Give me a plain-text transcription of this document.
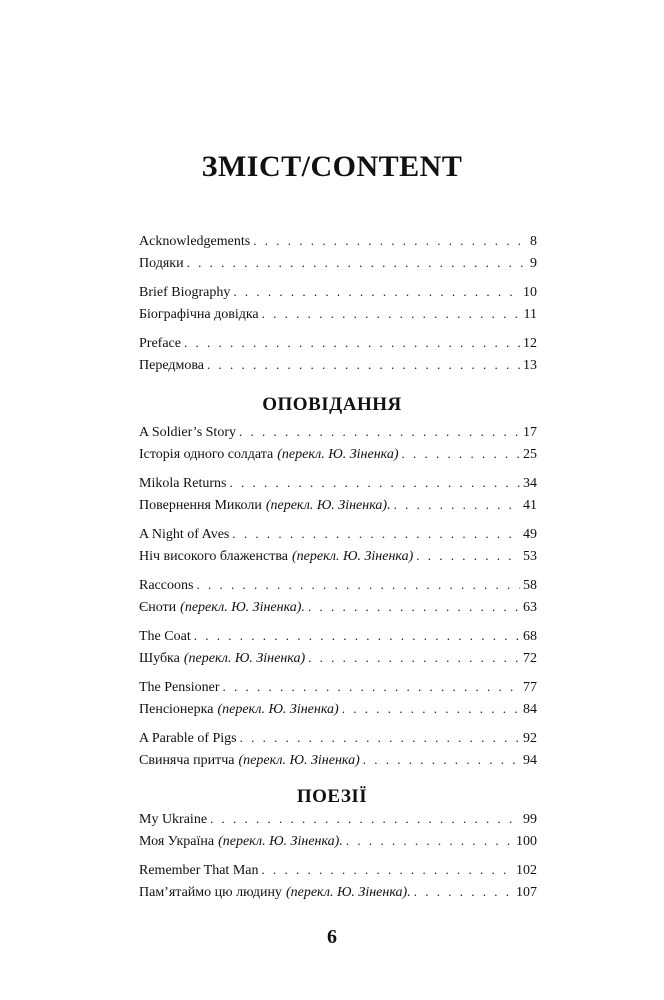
ЗМІСТ/CONTENT
Acknowledgements . . .	8
Подяки . . .	9
Brief Biography . . .	10
Біографічна довідка . . .	11
Preface . . .	12
Передмова . . .	13
ОПОВІДАННЯ
A Soldier’s Story . . .	17
Історія одного солдата (перекл. Ю. Зіненка) . . .	25
Mikola Returns . . .	34
Повернення Миколи (перекл. Ю. Зіненка). . . .	41
A Night of Aves . . .	49
Ніч високого блаженства (перекл. Ю. Зіненка) . . .	53
Raccoons . . .	58
Єноти (перекл. Ю. Зіненка). . . .	63
The Coat . . .	68
Шубка (перекл. Ю. Зіненка) . . .	72
The Pensioner . . .	77
Пенсіонерка (перекл. Ю. Зіненка) . . .	84
A Parable of Pigs . . .	92
Свиняча притча (перекл. Ю. Зіненка) . . .	94
ПОЕЗІЇ
My Ukraine . . .	99
Моя Україна (перекл. Ю. Зіненка). . . .	100
Remember That Man . . .	102
Пам’ятаймо цю людину (перекл. Ю. Зіненка). . . .	107
6
